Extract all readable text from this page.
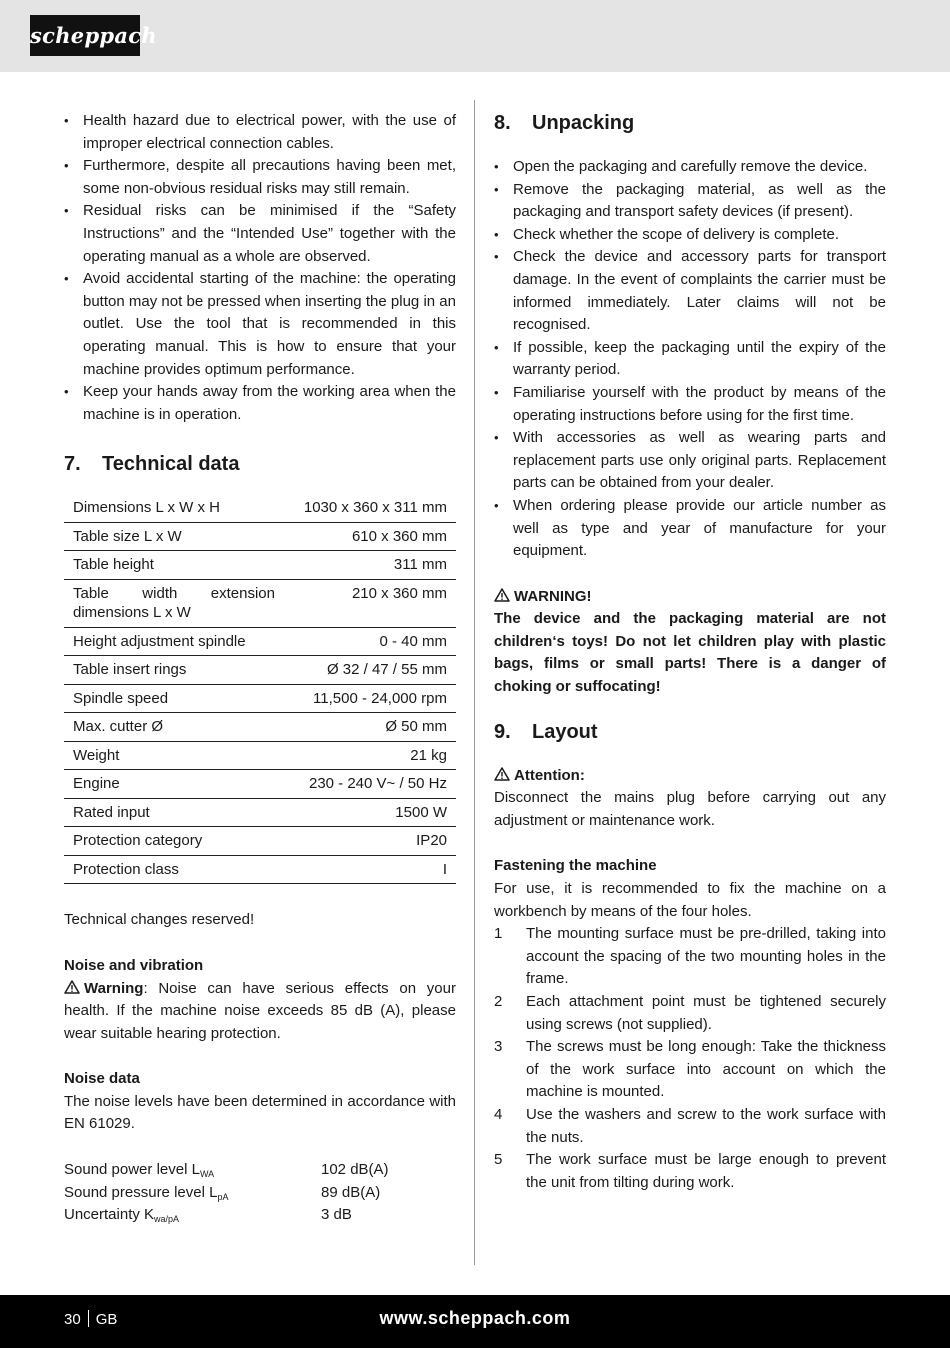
scheppach
• Health hazard due to electrical power, with the use of improper electrical connection cables.
• Furthermore, despite all precautions having been met, some non-obvious residual risks may still remain.
• Residual risks can be minimised if the “Safety Instructions” and the “Intended Use” together with the operating manual as a whole are observed.
• Avoid accidental starting of the machine: the operating button may not be pressed when inserting the plug in an outlet. Use the tool that is recommended in this operating manual. This is how to ensure that your machine provides optimum performance.
• Keep your hands away from the working area when the machine is in operation.
7. Technical data
Dimensions L x W x H	1030 x 360 x 311 mm
Table size L x W	610 x 360 mm
Table height	311 mm
Table width extension dimensions L x W	210 x 360 mm
Height adjustment spindle	0 - 40 mm
Table insert rings	Ø 32 / 47 / 55 mm
Spindle speed	11,500 - 24,000 rpm
Max. cutter Ø	Ø 50 mm
Weight	21 kg
Engine	230 - 240 V~ / 50 Hz
Rated input	1500 W
Protection category	IP20
Protection class	I

Technical changes reserved!

Noise and vibration

Warning: Noise can have serious effects on your health. If the machine noise exceeds 85 dB (A), please wear suitable hearing protection.

Noise data

The noise levels have been determined in accordance with EN 61029.

Sound power level $L_{WA}$	102 dB(A)
Sound pressure level $L_{pA}$	89 dB(A)
Uncertainty $K_{wa/pA}$	3 dB
8. Unpacking
• Open the packaging and carefully remove the device.
• Remove the packaging material, as well as the packaging and transport safety devices (if present).
• Check whether the scope of delivery is complete.
• Check the device and accessory parts for transport damage. In the event of complaints the carrier must be informed immediately. Later claims will not be recognised.
• If possible, keep the packaging until the expiry of the warranty period.
• Familiarise yourself with the product by means of the operating instructions before using for the first time.
• With accessories as well as wearing parts and replacement parts use only original parts. Replacement parts can be obtained from your dealer.
• When ordering please provide our article number as well as type and year of manufacture for your equipment.

WARNING!

The device and the packaging material are not children‘s toys! Do not let children play with plastic bags, films or small parts! There is a danger of choking or suffocating!

9. Layout

Attention:

Disconnect the mains plug before carrying out any adjustment or maintenance work.

Fastening the machine

For use, it is recommended to fix the machine on a workbench by means of the four holes.

1	The mounting surface must be pre-drilled, taking into account the spacing of the two mounting holes in the frame.
2	Each attachment point must be tightened securely using screws (not supplied).
3	The screws must be long enough: Take the thickness of the work surface into account on which the machine is mounted.
4	Use the washers and screw to the work surface with the nuts.
5	The work surface must be large enough to prevent the unit from tilting during work.
30 GB	www.scheppach.com
